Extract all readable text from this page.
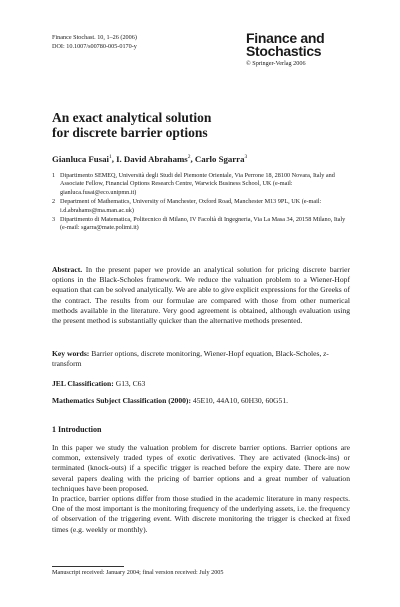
Finance Stochast. 10, 1–26 (2006)
DOI: 10.1007/s00780-005-0170-y
Finance and
Stochastics
© Springer-Verlag 2006
An exact analytical solution
for discrete barrier options
Gianluca Fusai$^1$, I. David Abrahams$^2$, Carlo Sgarra$^3$
1 Dipartimento SEMEQ, Università degli Studi del Piemonte Orientale, Via Perrone 18, 28100 Novara, Italy and Associate Fellow, Financial Options Research Centre, Warwick Business School, UK (e-mail: gianluca.fusai@eco.unipmn.it)
2 Department of Mathematics, University of Manchester, Oxford Road, Manchester M13 9PL, UK (e-mail: i.d.abrahams@ma.man.ac.uk)
3 Dipartimento di Matematica, Politecnico di Milano, IV Facoltà di Ingegneria, Via La Masa 34, 20158 Milano, Italy (e-mail: sgarra@mate.polimi.it)
Abstract. In the present paper we provide an analytical solution for pricing discrete barrier options in the Black-Scholes framework. We reduce the valuation problem to a Wiener-Hopf equation that can be solved analytically. We are able to give explicit expressions for the Greeks of the contract. The results from our formulae are compared with those from other numerical methods available in the literature. Very good agreement is obtained, although evaluation using the present method is substantially quicker than the alternative methods presented.
Key words: Barrier options, discrete monitoring, Wiener-Hopf equation, Black-Scholes, z-transform
JEL Classification: G13, C63
Mathematics Subject Classification (2000): 45E10, 44A10, 60H30, 60G51.
1 Introduction

In this paper we study the valuation problem for discrete barrier options. Barrier options are common, extensively traded types of exotic derivatives. They are activated (knock-ins) or terminated (knock-outs) if a specific trigger is reached before the expiry date. There are now several papers dealing with the pricing of barrier options and a great number of valuation techniques have been proposed.

In practice, barrier options differ from those studied in the academic literature in many respects. One of the most important is the monitoring frequency of the underlying assets, i.e. the frequency of observation of the triggering event. With discrete monitoring the trigger is checked at fixed times (e.g. weekly or monthly).

Manuscript received: January 2004; final version received: July 2005
